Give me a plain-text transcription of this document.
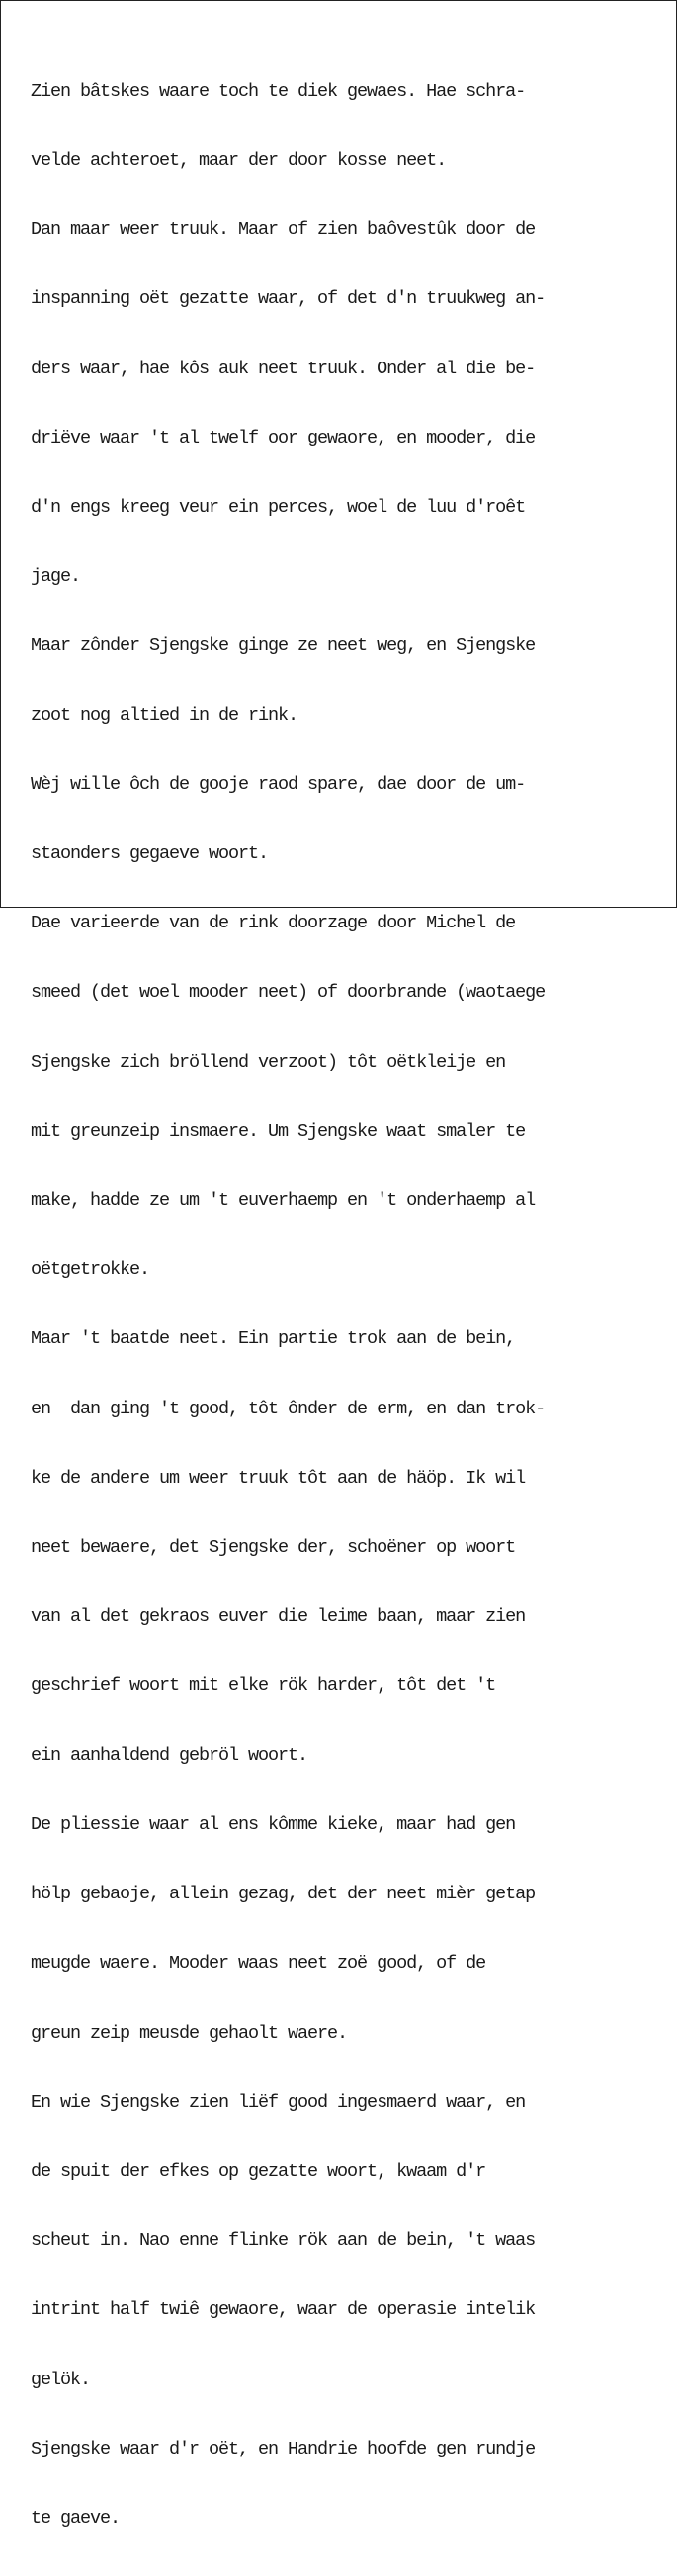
Zien bâtskes waare toch te diek gewaes. Hae schra-

velde achteroet, maar der door kosse neet.

Dan maar weer truuk. Maar of zien baôvestûk door de

inspanning oët gezatte waar, of det d'n truukweg an-

ders waar, hae kôs auk neet truuk. Onder al die be-

driëve waar 't al twelf oor gewaore, en mooder, die

d'n engs kreeg veur ein perces, woel de luu d'roêt

jage.

Maar zônder Sjengske ginge ze neet weg, en Sjengske

zoot nog altied in de rink.

Wèj wille ôch de gooje raod spare, dae door de um-

staonders gegaeve woort.

Dae varieerde van de rink doorzage door Michel de

smeed (det woel mooder neet) of doorbrande (waotaege

Sjengske zich bröllend verzoot) tôt oëtkleije en

mit greunzeip insmaere. Um Sjengske waat smaler te

make, hadde ze um 't euverhaemp en 't onderhaemp al

oëtgetrokke.

Maar 't baatde neet. Ein partie trok aan de bein,

en  dan ging 't good, tôt ônder de erm, en dan trok-

ke de andere um weer truuk tôt aan de häöp. Ik wil

neet bewaere, det Sjengske der, schoëner op woort

van al det gekraos euver die leime baan, maar zien

geschrief woort mit elke rök harder, tôt det 't

ein aanhaldend gebröl woort.

De pliessie waar al ens kômme kieke, maar had gen

hölp gebaoje, allein gezag, det der neet mièr getap

meugde waere. Mooder waas neet zoë good, of de

greun zeip meusde gehaolt waere.

En wie Sjengske zien liëf good ingesmaerd waar, en

de spuit der efkes op gezatte woort, kwaam d'r

scheut in. Nao enne flinke rök aan de bein, 't waas

intrint half twiê gewaore, waar de operasie intelik

gelök.

Sjengske waar d'r oët, en Handrie hoofde gen rundje

te gaeve.
